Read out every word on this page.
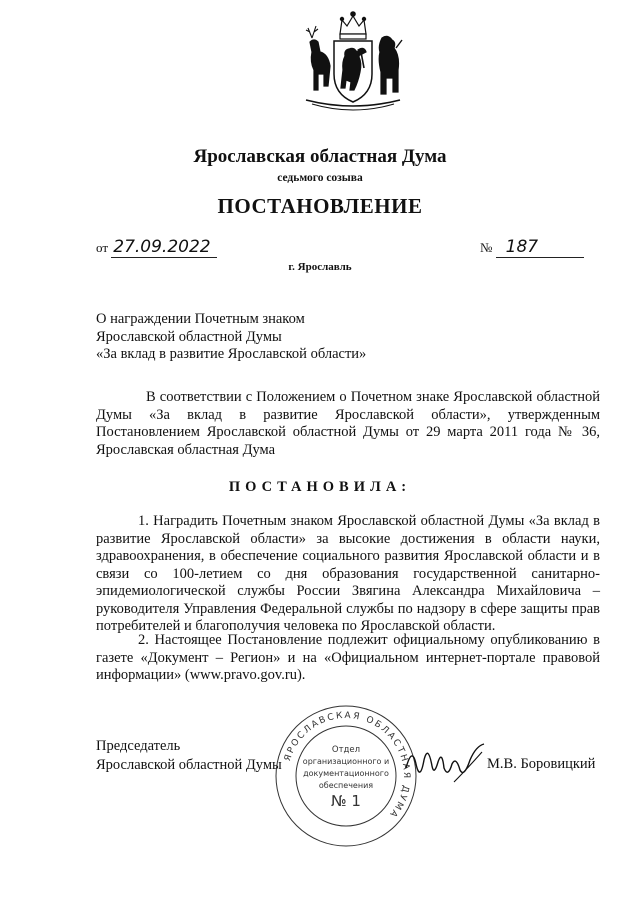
Ярославская областная Дума
седьмого созыва
ПОСТАНОВЛЕНИЕ
от 27.09.2022	№ 187
г. Ярославль
О награждении Почетным знаком
Ярославской областной Думы
«За вклад в развитие Ярославской области»
В соответствии с Положением о Почетном знаке Ярославской областной Думы «За вклад в развитие Ярославской области», утвержденным Постановлением Ярославской областной Думы от 29 марта 2011 года № 36, Ярославская областная Дума
ПОСТАНОВИЛА:
1. Наградить Почетным знаком Ярославской областной Думы «За вклад в развитие Ярославской области» за высокие достижения в области науки, здравоохранения, в обеспечение социального развития Ярославской области и в связи со 100-летием со дня образования государственной санитарно-эпидемиологической службы России Звягина Александра Михайловича – руководителя Управления Федеральной службы по надзору в сфере защиты прав потребителей и благополучия человека по Ярославской области.
2. Настоящее Постановление подлежит официальному опубликованию в газете «Документ – Регион» и на «Официальном интернет-портале правовой информации» (www.pravo.gov.ru).
Председатель
Ярославской областной Думы ЯРОСЛАВСКАЯ ОБЛАСТНАЯ ДУМА
Отдел
организационного и
документационного
обеспечения
№ 1
М.В. Боровицкий
